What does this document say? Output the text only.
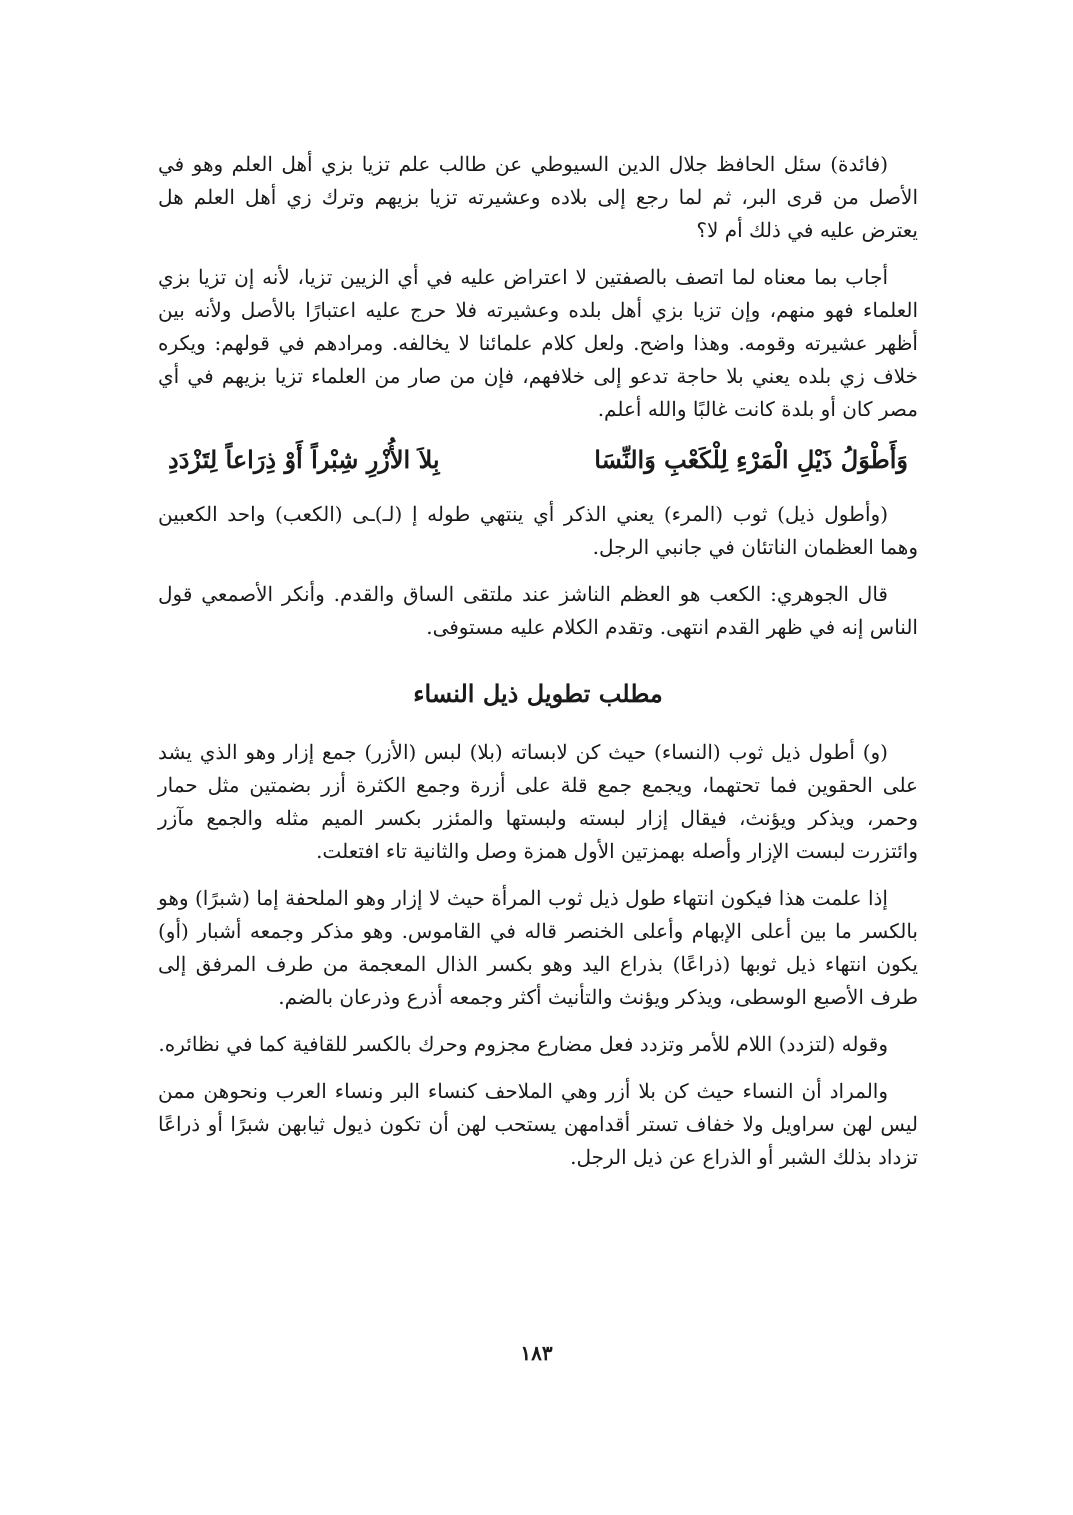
(فائدة) سئل الحافظ جلال الدين السيوطي عن طالب علم تزيا بزي أهل العلم وهو في الأصل من قرى البر، ثم لما رجع إلى بلاده وعشيرته تزيا بزيهم وترك زي أهل العلم هل يعترض عليه في ذلك أم لا؟

أجاب بما معناه لما اتصف بالصفتين لا اعتراض عليه في أي الزيين تزيا، لأنه إن تزيا بزي العلماء فهو منهم، وإن تزيا بزي أهل بلده وعشيرته فلا حرج عليه اعتبارًا بالأصل ولأنه بين أظهر عشيرته وقومه. وهذا واضح. ولعل كلام علمائنا لا يخالفه. ومرادهم في قولهم: ويكره خلاف زي بلده يعني بلا حاجة تدعو إلى خلافهم، فإن من صار من العلماء تزيا بزيهم في أي مصر كان أو بلدة كانت غالبًا والله أعلم.

وَأَطْوَلُ ذَيْلِ الْمَرْءِ لِلْكَعْبِ وَالنِّسَا
بِلاَ الأُزْرِ شِبْراً أَوْ ذِرَاعاً لِتَزْدَدِ

(وأطول ذيل) ثوب (المرء) يعني الذكر أي ينتهي طوله إ (لـ)ـى (الكعب) واحد الكعبين وهما العظمان الناتئان في جانبي الرجل.

قال الجوهري: الكعب هو العظم الناشز عند ملتقى الساق والقدم. وأنكر الأصمعي قول الناس إنه في ظهر القدم انتهى. وتقدم الكلام عليه مستوفى.

مطلب تطويل ذيل النساء

(و) أطول ذيل ثوب (النساء) حيث كن لابساته (بلا) لبس (الأزر) جمع إزار وهو الذي يشد على الحقوين فما تحتهما، ويجمع جمع قلة على أزرة وجمع الكثرة أزر بضمتين مثل حمار وحمر، ويذكر ويؤنث، فيقال إزار لبسته ولبستها والمئزر بكسر الميم مثله والجمع مآزر وائتزرت لبست الإزار وأصله بهمزتين الأول همزة وصل والثانية تاء افتعلت.

إذا علمت هذا فيكون انتهاء طول ذيل ثوب المرأة حيث لا إزار وهو الملحفة إما (شبرًا) وهو بالكسر ما بين أعلى الإبهام وأعلى الخنصر قاله في القاموس. وهو مذكر وجمعه أشبار (أو) يكون انتهاء ذيل ثوبها (ذراعًا) بذراع اليد وهو بكسر الذال المعجمة من طرف المرفق إلى طرف الأصبع الوسطى، ويذكر ويؤنث والتأنيث أكثر وجمعه أذرع وذرعان بالضم.

وقوله (لتزدد) اللام للأمر وتزدد فعل مضارع مجزوم وحرك بالكسر للقافية كما في نظائره.

والمراد أن النساء حيث كن بلا أزر وهي الملاحف كنساء البر ونساء العرب ونحوهن ممن ليس لهن سراويل ولا خفاف تستر أقدامهن يستحب لهن أن تكون ذيول ثيابهن شبرًا أو ذراعًا تزداد بذلك الشبر أو الذراع عن ذيل الرجل.

١٨٣
